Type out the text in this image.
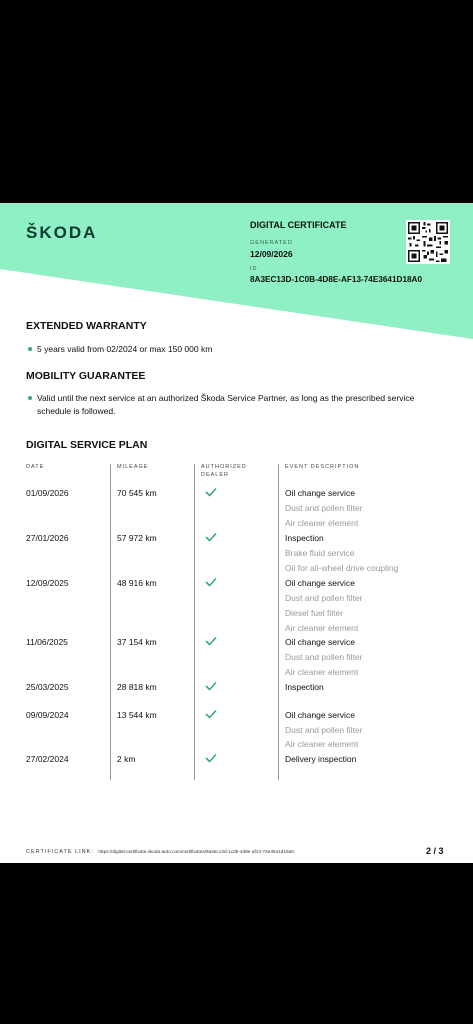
ŠKODA	DIGITAL CERTIFICATE
GENERATED
12/09/2026
ID
8A3EC13D-1C0B-4D8E-AF13-74E3641D18A0
EXTENDED WARRANTY
5 years valid from 02/2024 or max 150 000 km
MOBILITY GUARANTEE
Valid until the next service at an authorized Škoda Service Partner, as long as the prescribed service schedule is followed.
DIGITAL SERVICE PLAN
DATE	MILEAGE	AUTHORIZED DEALER
EVENT DESCRIPTION
01/09/2026	70 545 km	Oil change service
Dust and pollen filter
Air cleaner element
27/01/2026	57 972 km	Inspection
Brake fluid service
Oil for all-wheel drive coupling
12/09/2025	48 916 km	Oil change service
Dust and pollen filter
Diesel fuel filter
Air cleaner element
11/06/2025	37 154 km	Oil change service
Dust and pollen filter
Air cleaner element
25/03/2025	28 818 km	Inspection
09/09/2024	13 544 km	Oil change service
Dust and pollen filter
Air cleaner element
27/02/2024	2 km	Delivery inspection
CERTIFICATE LINK: https://digital-certificate.skoda-auto.com/certificates/8a3ec13d-1c0b-4d8e-af13-74e3641d18a0	2 / 3
